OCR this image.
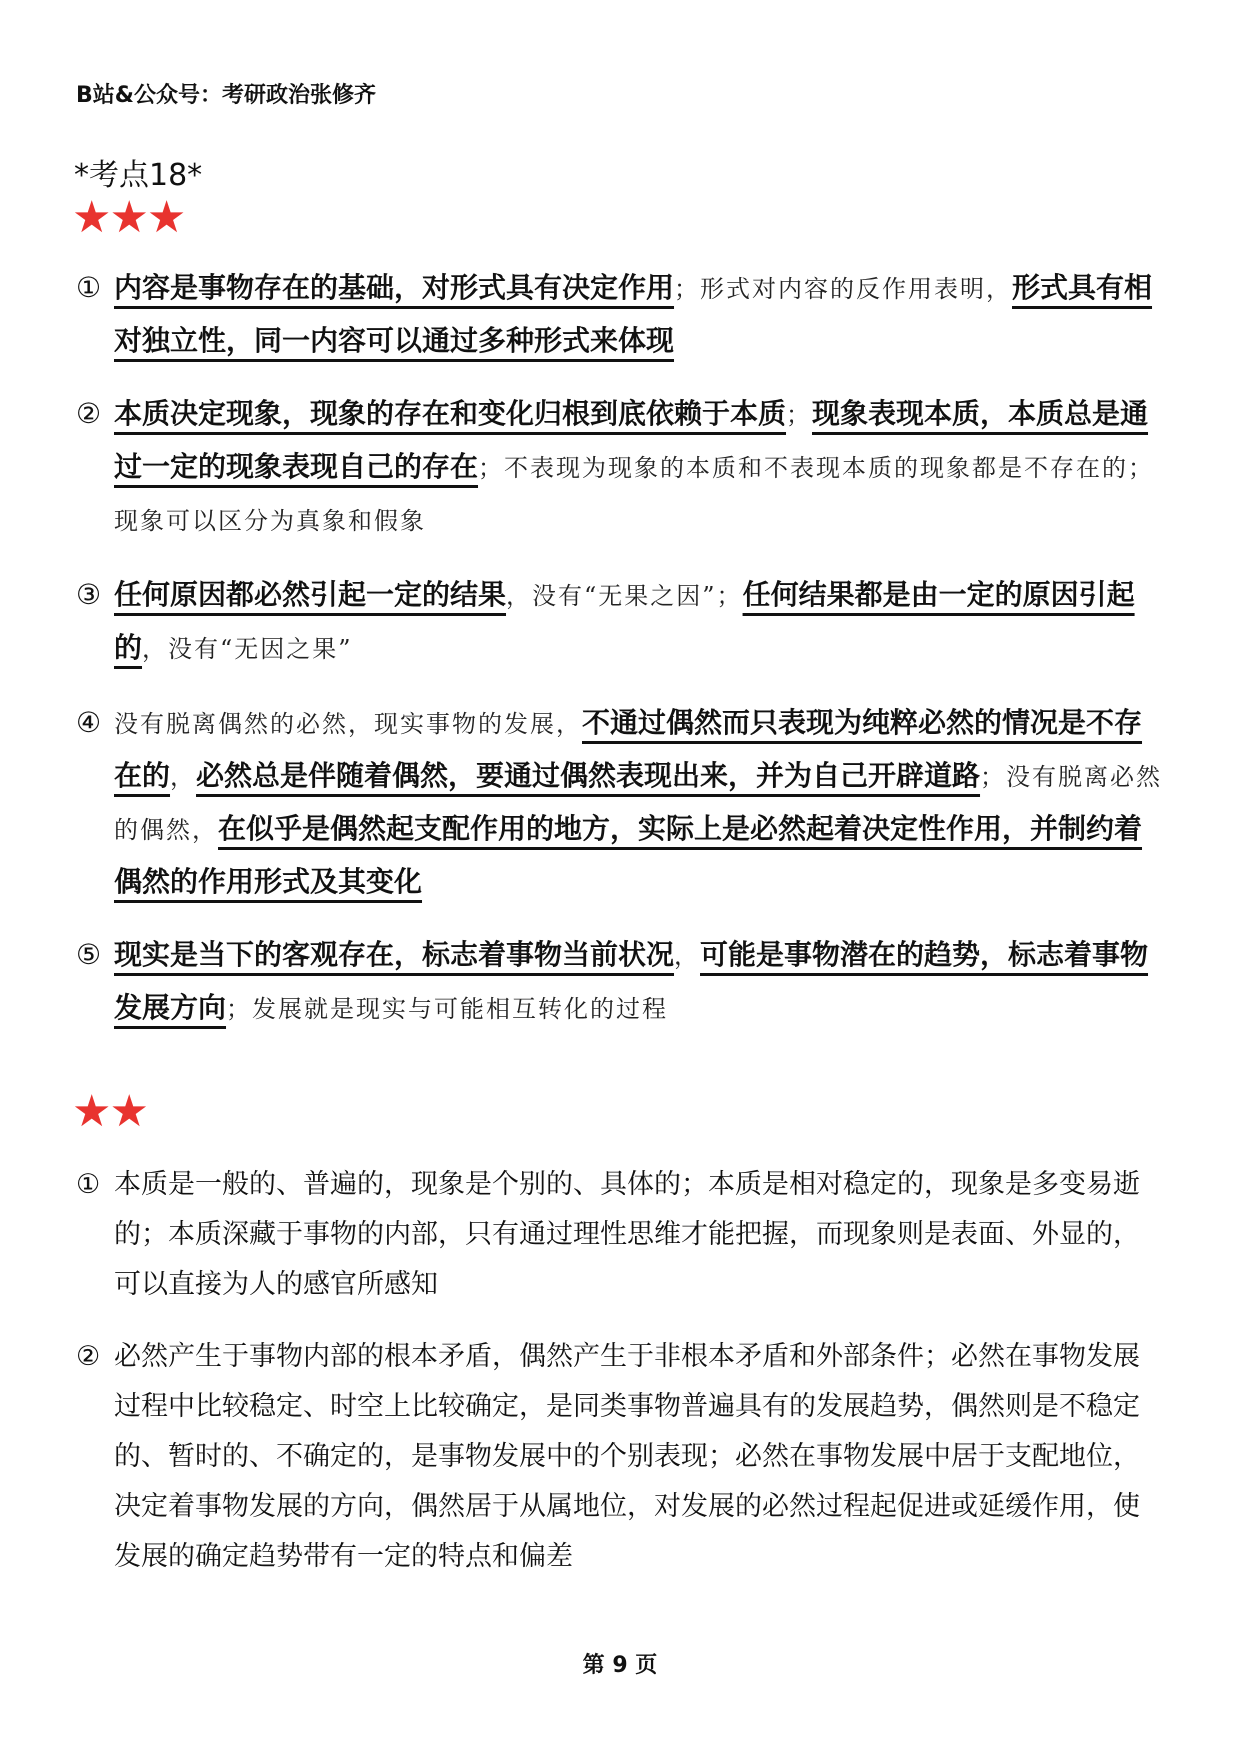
B站&公众号：考研政治张修齐
*考点18*
★★★
① 内容是事物存在的基础，对形式具有决定作用；形式对内容的反作用表明，形式具有相对独立性，同一内容可以通过多种形式来体现
② 本质决定现象，现象的存在和变化归根到底依赖于本质；现象表现本质，本质总是通过一定的现象表现自己的存在；不表现为现象的本质和不表现本质的现象都是不存在的；现象可以区分为真象和假象
③ 任何原因都必然引起一定的结果，没有“无果之因”；任何结果都是由一定的原因引起的，没有“无因之果”
④ 没有脱离偶然的必然，现实事物的发展，不通过偶然而只表现为纯粹必然的情况是不存在的，必然总是伴随着偶然，要通过偶然表现出来，并为自己开辟道路；没有脱离必然的偶然，在似乎是偶然起支配作用的地方，实际上是必然起着决定性作用，并制约着偶然的作用形式及其变化
⑤ 现实是当下的客观存在，标志着事物当前状况，可能是事物潜在的趋势，标志着事物发展方向；发展就是现实与可能相互转化的过程
★★
① 本质是一般的、普遍的，现象是个别的、具体的；本质是相对稳定的，现象是多变易逝的；本质深藏于事物的内部，只有通过理性思维才能把握，而现象则是表面、外显的，可以直接为人的感官所感知
② 必然产生于事物内部的根本矛盾，偶然产生于非根本矛盾和外部条件；必然在事物发展过程中比较稳定、时空上比较确定，是同类事物普遍具有的发展趋势，偶然则是不稳定的、暂时的、不确定的，是事物发展中的个别表现；必然在事物发展中居于支配地位，决定着事物发展的方向，偶然居于从属地位，对发展的必然过程起促进或延缓作用，使发展的确定趋势带有一定的特点和偏差
第 9 页
